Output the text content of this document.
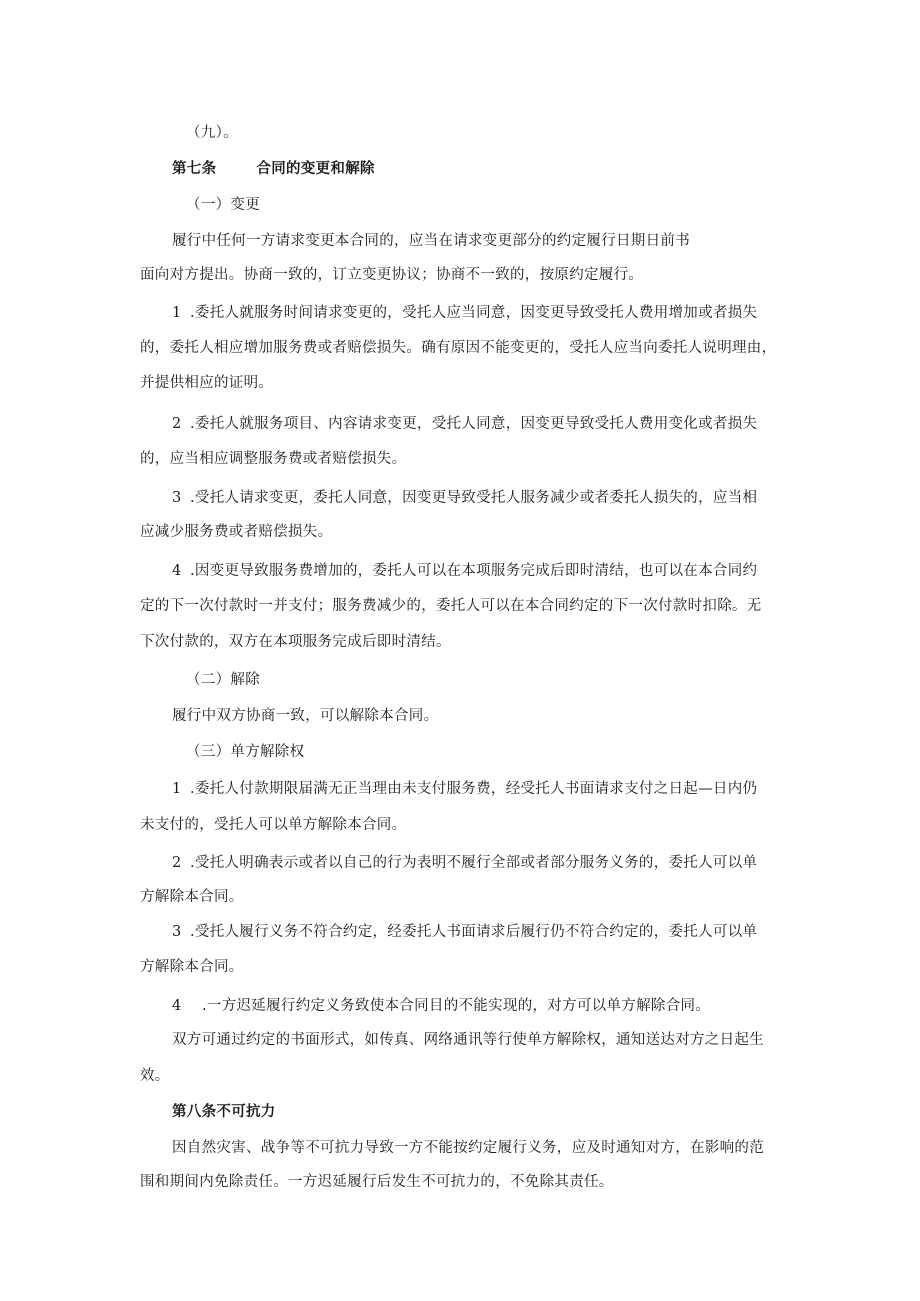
（九）。
第七条	合同的变更和解除
（一）变更
履行中任何一方请求变更本合同的，应当在请求变更部分的约定履行日期日前书
面向对方提出。协商一致的，订立变更协议；协商不一致的，按原约定履行。
1 .委托人就服务时间请求变更的，受托人应当同意，因变更导致受托人费用增加或者损失
的，委托人相应增加服务费或者赔偿损失。确有原因不能变更的，受托人应当向委托人说明理由，
并提供相应的证明。
2 .委托人就服务项目、内容请求变更，受托人同意，因变更导致受托人费用变化或者损失
的，应当相应调整服务费或者赔偿损失。
3 .受托人请求变更，委托人同意，因变更导致受托人服务减少或者委托人损失的，应当相
应减少服务费或者赔偿损失。
4 .因变更导致服务费增加的，委托人可以在本项服务完成后即时清结，也可以在本合同约
定的下一次付款时一并支付；服务费减少的，委托人可以在本合同约定的下一次付款时扣除。无
下次付款的，双方在本项服务完成后即时清结。
（二）解除
履行中双方协商一致，可以解除本合同。
（三）单方解除权
1 .委托人付款期限届满无正当理由未支付服务费，经受托人书面请求支付之日起—日内仍
未支付的，受托人可以单方解除本合同。
2 .受托人明确表示或者以自己的行为表明不履行全部或者部分服务义务的，委托人可以单
方解除本合同。
3 .受托人履行义务不符合约定，经委托人书面请求后履行仍不符合约定的，委托人可以单
方解除本合同。
4 .一方迟延履行约定义务致使本合同目的不能实现的，对方可以单方解除合同。
双方可通过约定的书面形式，如传真、网络通讯等行使单方解除权，通知送达对方之日起生
效。
第八条不可抗力
因自然灾害、战争等不可抗力导致一方不能按约定履行义务，应及时通知对方，在影响的范
围和期间内免除责任。一方迟延履行后发生不可抗力的，不免除其责任。
